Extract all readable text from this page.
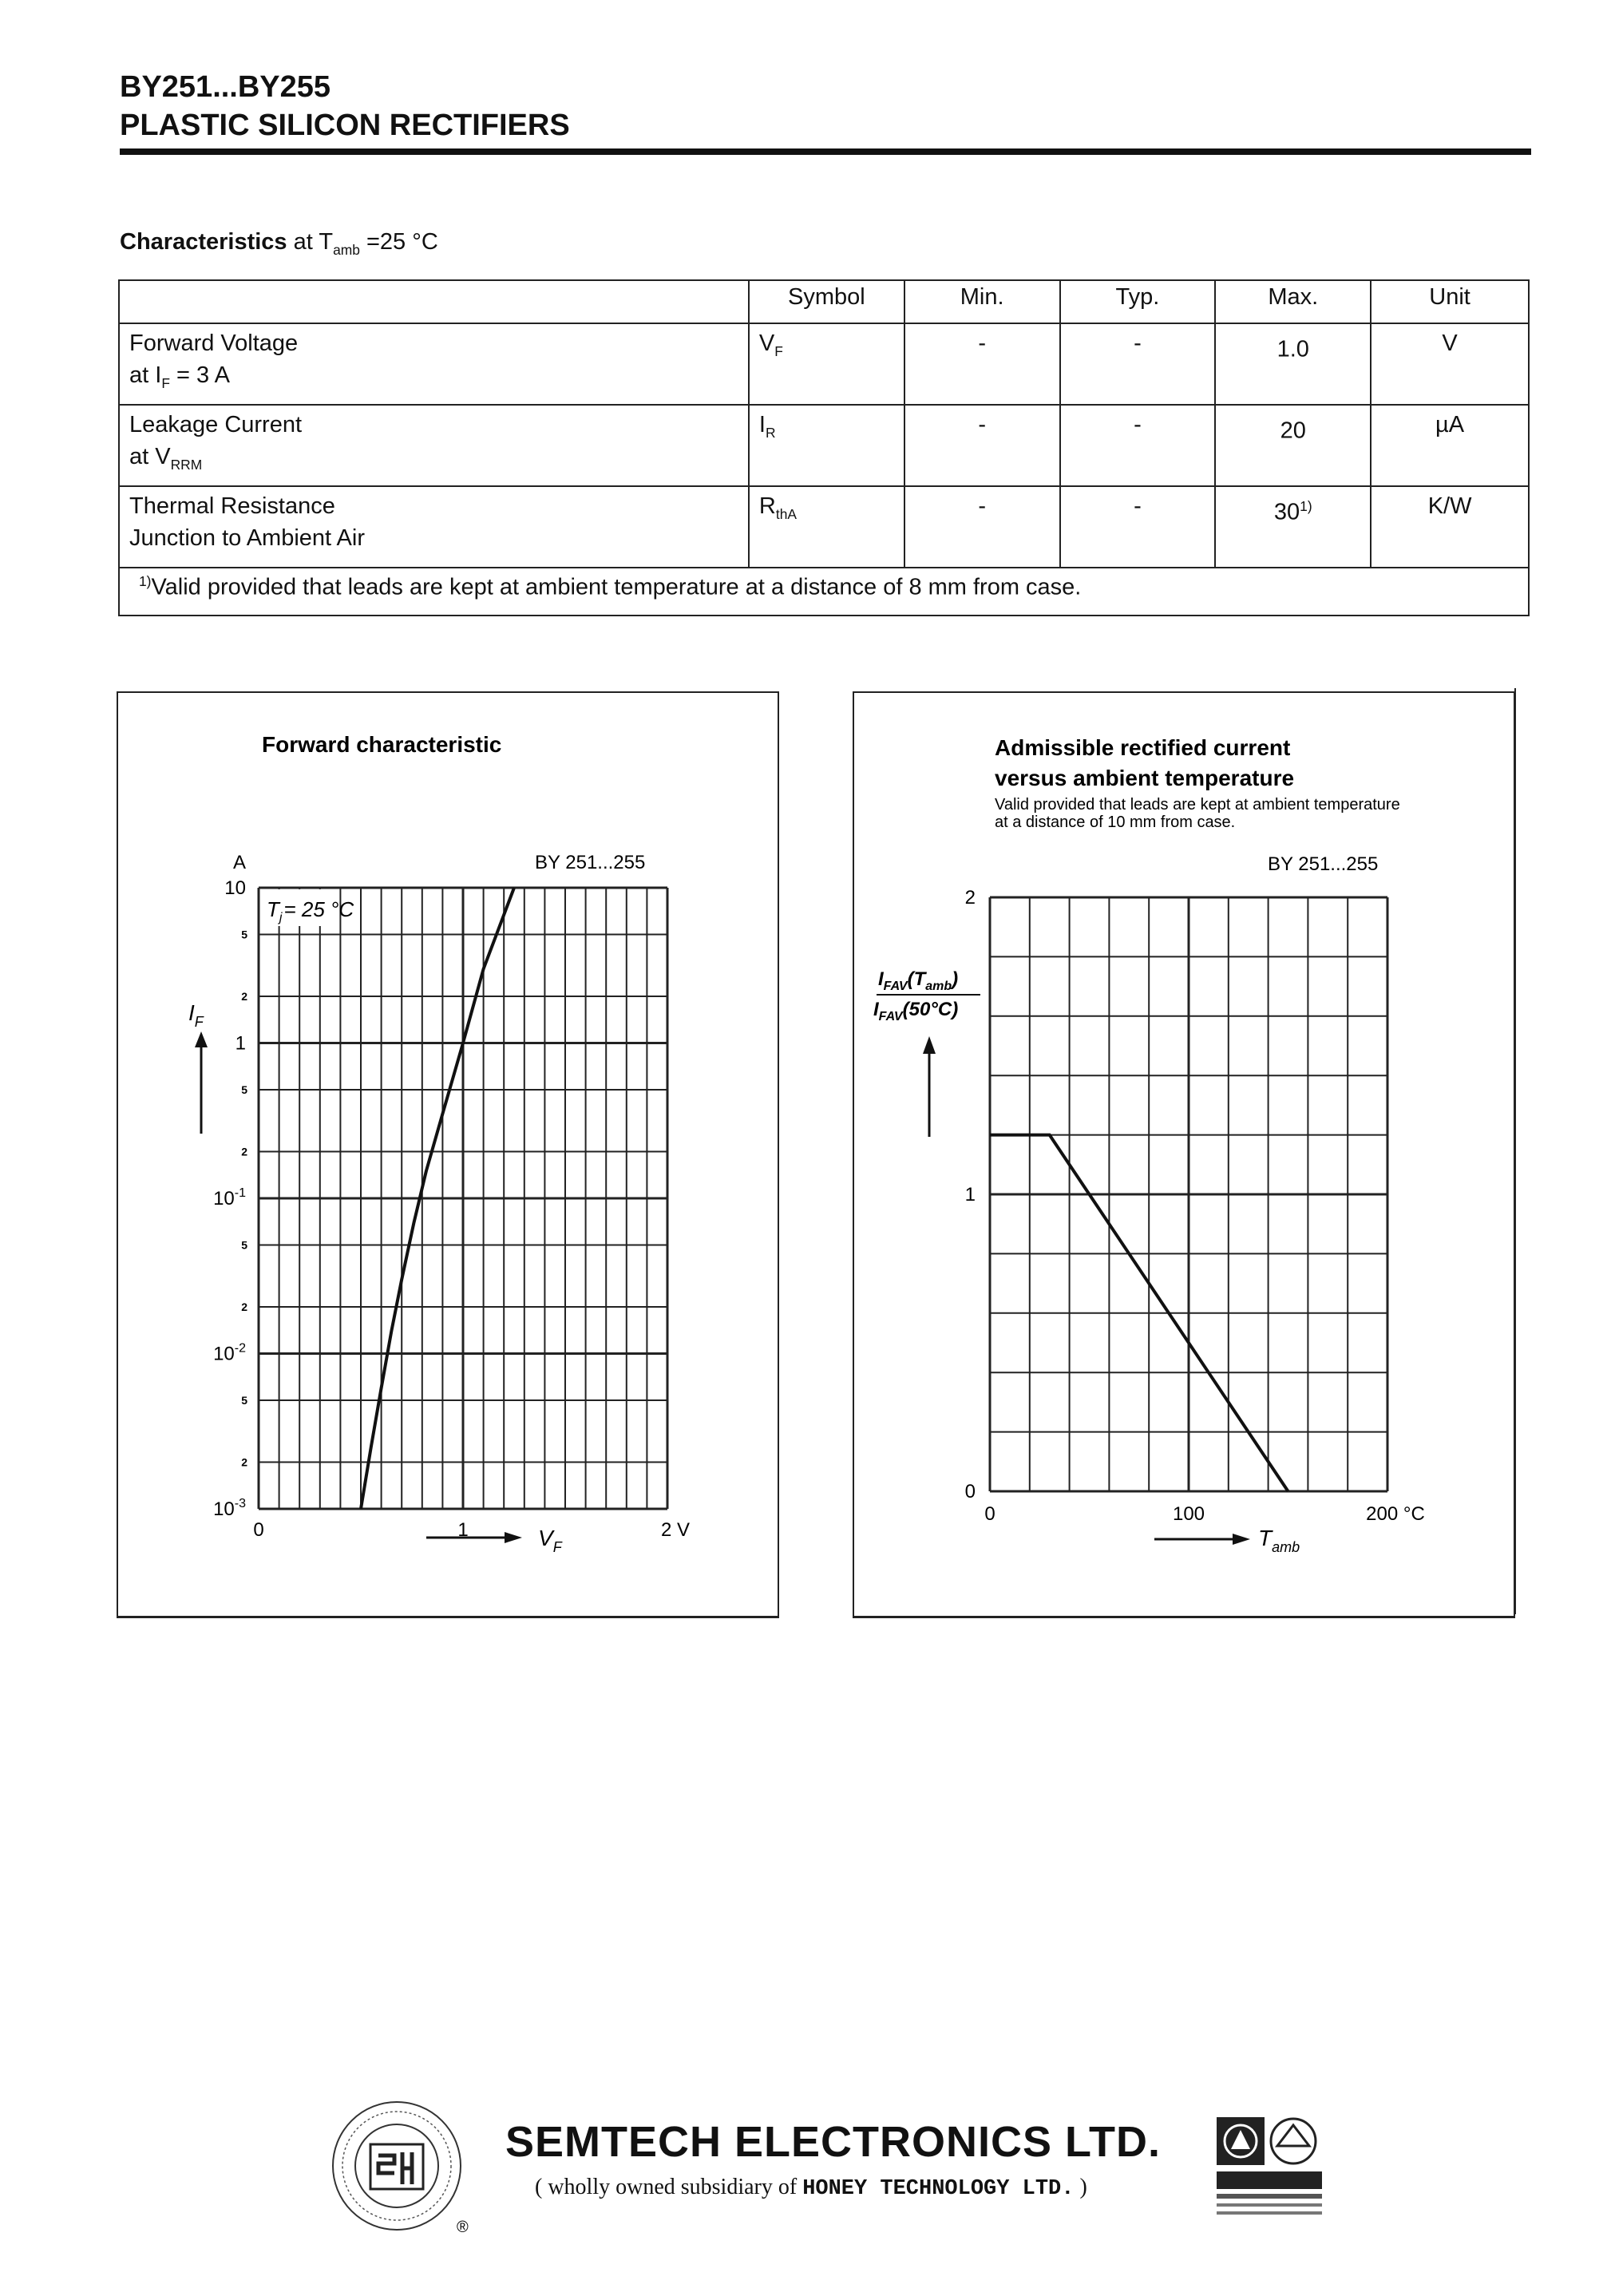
BY251...BY255
PLASTIC SILICON RECTIFIERS
Characteristics at $T_{amb} =25$ °C
	Symbol	Min.	Typ.	Max.	Unit

Forward Voltage
at $I_F = 3$ A	$V_F$	-	-	1.0	V

Leakage Current
at $V_{RRM}$	$I_R$	-	-	20	µA

Thermal Resistance
Junction to Ambient Air	$R_{thA}$	-	-	30$^{1)}$	K/W
$^{1)}$Valid provided that leads are kept at ambient temperature at a distance of 8 mm from case.					
Forward characteristic
BY 251...255
A
10
1
$10^{-1}$
$10^{-2}$
$10^{-3}$
5
2
5
2
5
2
5
2
0	1	2 V
$T_j= 25$ °C
$I_F$
$V_F$
Admissible rectified current
versus ambient temperature
Valid provided that leads are kept at ambient temperature
at a distance of 10 mm from case.
BY 251...255
0
1
2
0	100	200 °C
$I_{FAV}(T_{amb})$
$I_{FAV}(50^\circ C)$
$T_{amb}$
®
SEMTECH ELECTRONICS LTD.
( wholly owned subsidiary of HONEY TECHNOLOGY LTD. )
